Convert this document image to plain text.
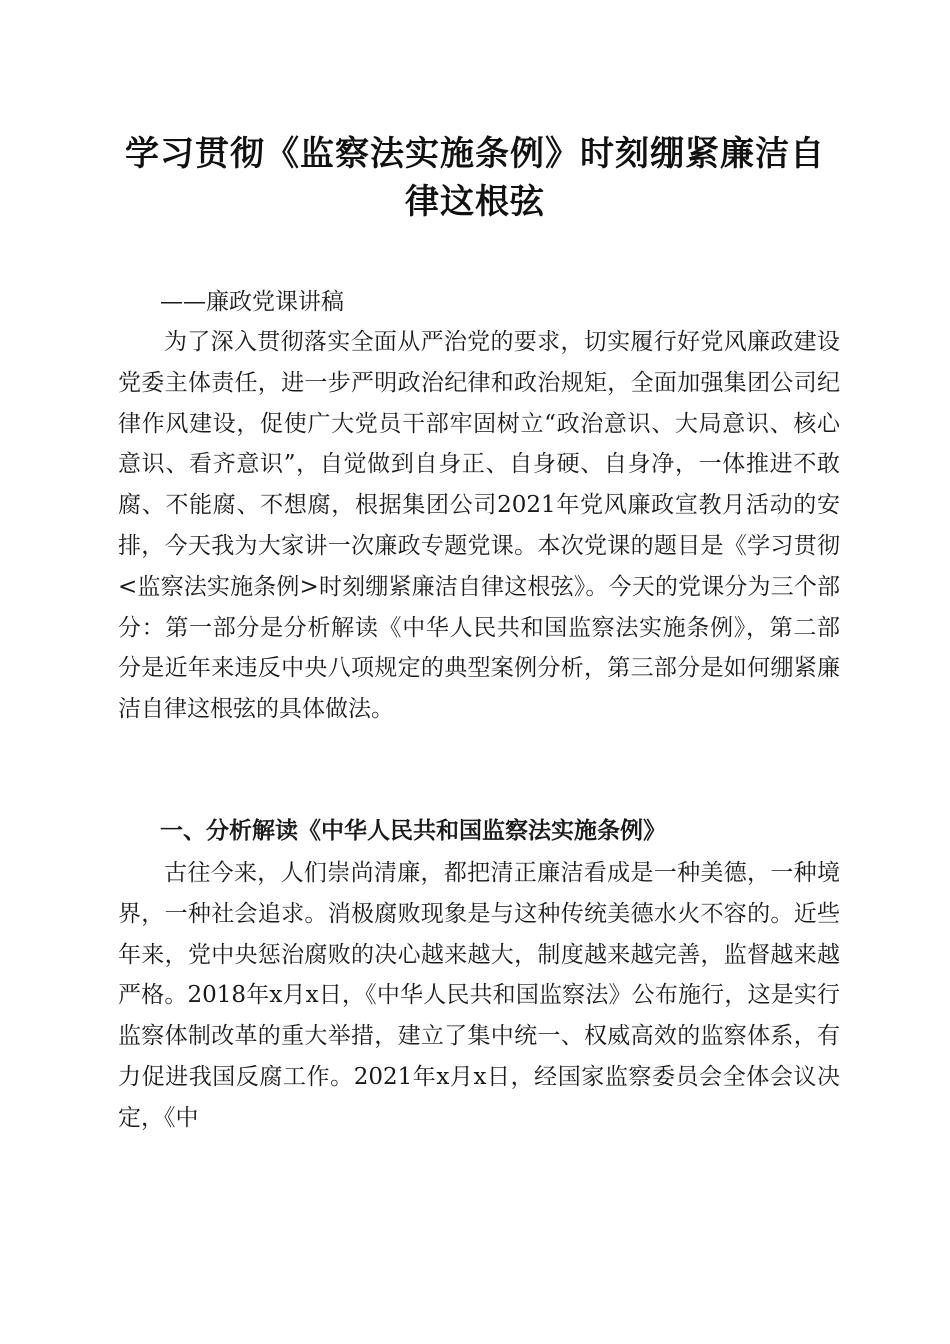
学习贯彻《监察法实施条例》时刻绷紧廉洁自律这根弦

——廉政党课讲稿

为了深入贯彻落实全面从严治党的要求，切实履行好党风廉政建设党委主体责任，进一步严明政治纪律和政治规矩，全面加强集团公司纪律作风建设，促使广大党员干部牢固树立“政治意识、大局意识、核心意识、看齐意识”，自觉做到自身正、自身硬、自身净，一体推进不敢腐、不能腐、不想腐，根据集团公司2021年党风廉政宣教月活动的安排，今天我为大家讲一次廉政专题党课。本次党课的题目是《学习贯彻<监察法实施条例>时刻绷紧廉洁自律这根弦》。今天的党课分为三个部分：第一部分是分析解读《中华人民共和国监察法实施条例》，第二部分是近年来违反中央八项规定的典型案例分析，第三部分是如何绷紧廉洁自律这根弦的具体做法。

一、分析解读《中华人民共和国监察法实施条例》

古往今来，人们崇尚清廉，都把清正廉洁看成是一种美德，一种境界，一种社会追求。消极腐败现象是与这种传统美德水火不容的。近些年来，党中央惩治腐败的决心越来越大，制度越来越完善，监督越来越严格。2018年x月x日，《中华人民共和国监察法》公布施行，这是实行监察体制改革的重大举措，建立了集中统一、权威高效的监察体系，有力促进我国反腐工作。2021年x月x日，经国家监察委员会全体会议决定，《中
